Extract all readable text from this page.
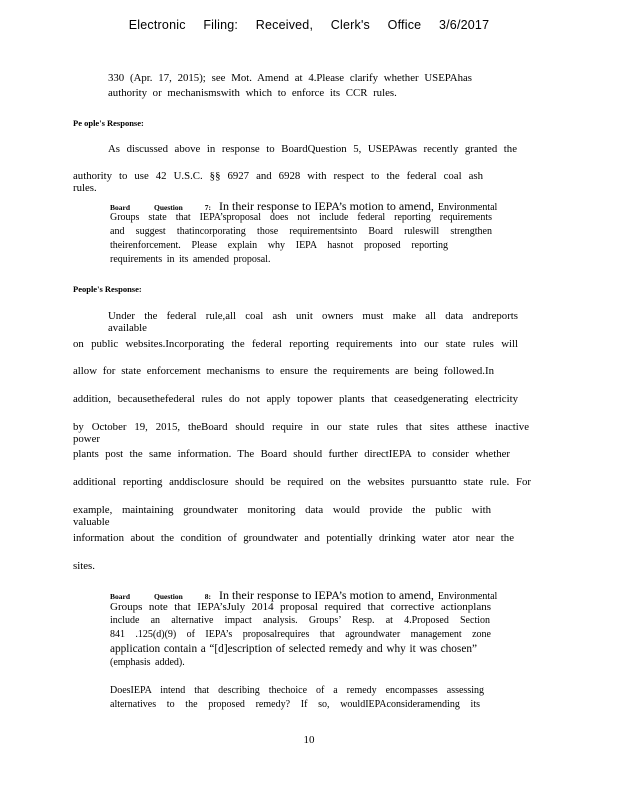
Electronic Filing: Received, Clerk's Office 3/6/2017
330 (Apr. 17, 2015); see Mot. Amend at 4.Please clarify whether USEPAhas
authority or mechanismswith which to enforce its CCR rules.
Pe ople's Response:
As discussed above in response to BoardQuestion 5, USEPAwas recently granted the
authority to use 42 U.S.C. §§ 6927 and 6928 with respect to the federal coal ash rules.
Board	Question	7: In their response to IEPA’s motion to amend, Environmental
Groups state that IEPA’sproposal does not include federal reporting requirements
and suggest thatincorporating those requirementsinto Board ruleswill strengthen
theirenforcement. Please explain why IEPA hasnot proposed reporting
requirements in its amended proposal.
People's Response:
Under the federal rule,all coal ash unit owners must make all data andreports available
on public websites.Incorporating the federal reporting requirements into our state rules will
allow for state enforcement mechanisms to ensure the requirements are being followed.In
addition, becausethefederal rules do not apply topower plants that ceasedgenerating electricity
by October 19, 2015, theBoard should require in our state rules that sites atthese inactive power
plants post the same information. The Board should further directIEPA to consider whether
additional reporting anddisclosure should be required on the websites pursuantto state rule. For
example, maintaining groundwater monitoring data would provide the public with valuable
information about the condition of groundwater and potentially drinking water ator near the
sites.
Board	Question	8: In their response to IEPA’s motion to amend, Environmental
Groups note that IEPA’sJuly 2014 proposal required that corrective actionplans
include an alternative impact analysis. Groups’ Resp. at 4.Proposed Section
841 .125(d)(9) of IEPA’s proposalrequires that agroundwater management zone
application contain a “[d]escription of selected remedy and why it was chosen”
(emphasis added).
DoesIEPA intend that describing thechoice of a remedy encompasses assessing
alternatives to the proposed remedy? If so, wouldIEPAconsideramending its
10
